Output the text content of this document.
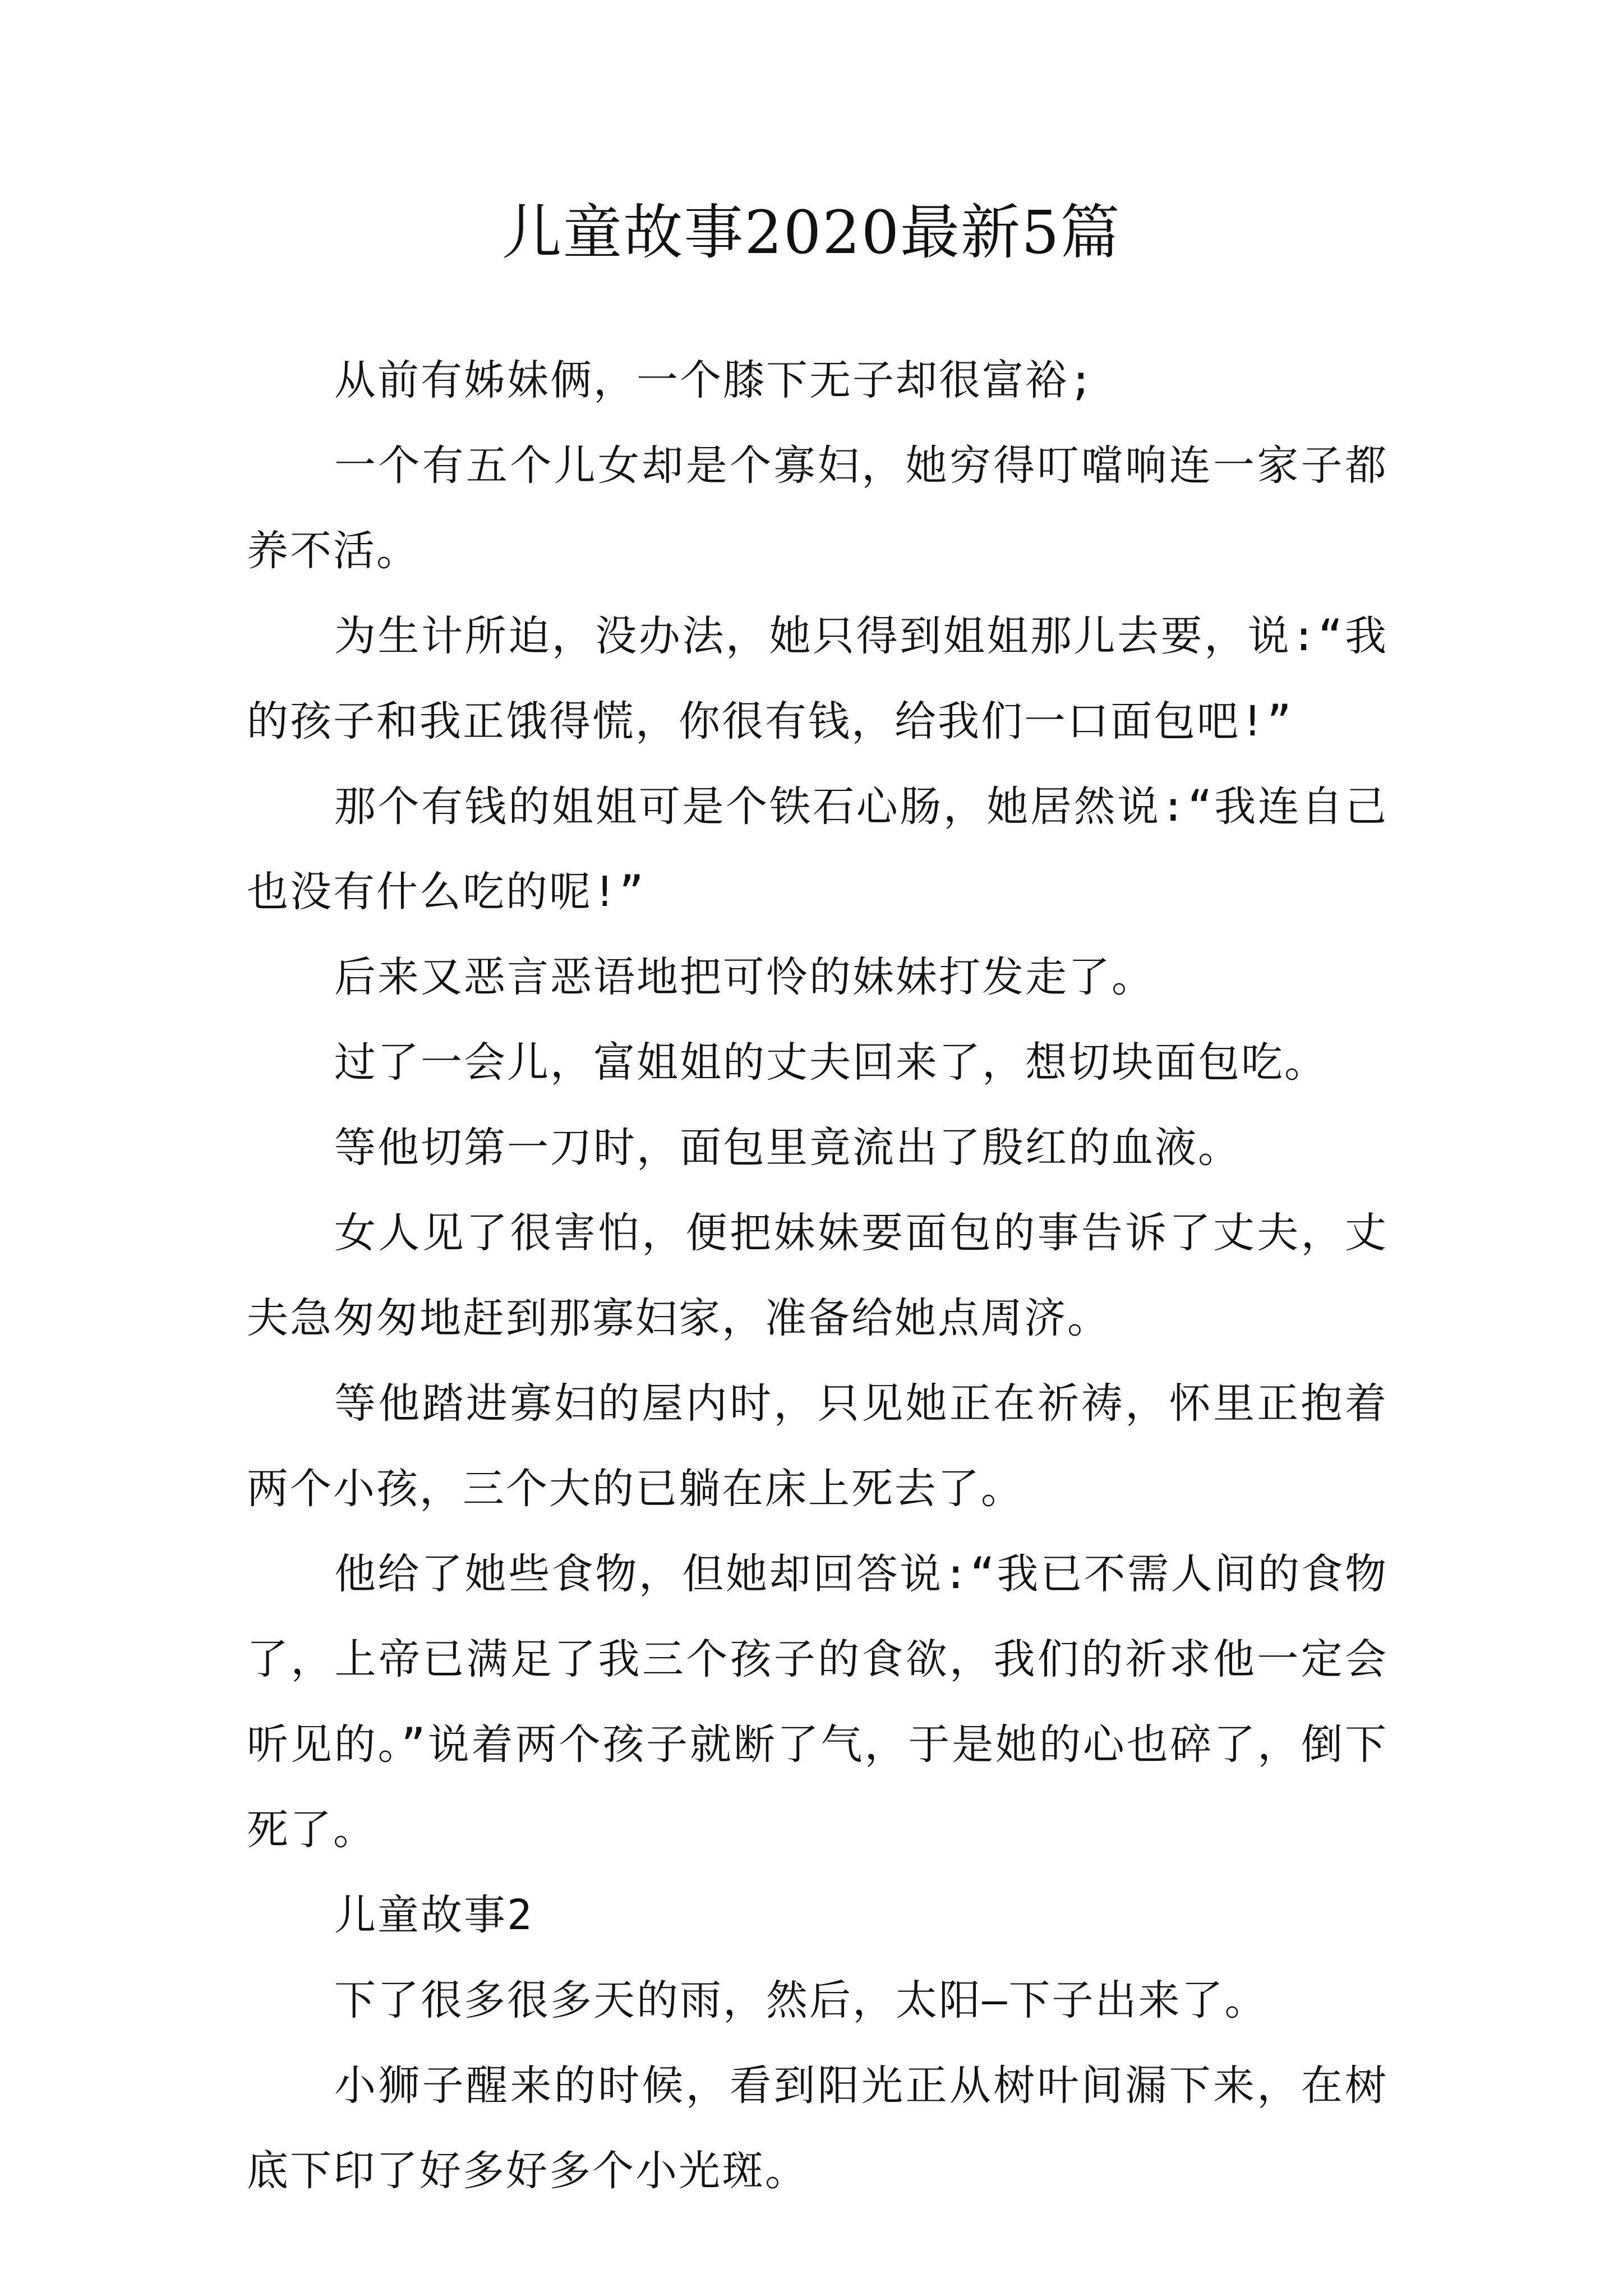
儿童故事2020最新5篇

从前有姊妹俩，一个膝下无子却很富裕;

一个有五个儿女却是个寡妇，她穷得叮噹响连一家子都养不活。

为生计所迫，没办法，她只得到姐姐那儿去要，说:“我的孩子和我正饿得慌，你很有钱，给我们一口面包吧!”

那个有钱的姐姐可是个铁石心肠，她居然说:“我连自己也没有什么吃的呢!”

后来又恶言恶语地把可怜的妹妹打发走了。

过了一会儿，富姐姐的丈夫回来了，想切块面包吃。

等他切第一刀时，面包里竟流出了殷红的血液。

女人见了很害怕，便把妹妹要面包的事告诉了丈夫，丈夫急匆匆地赶到那寡妇家，准备给她点周济。

等他踏进寡妇的屋内时，只见她正在祈祷，怀里正抱着两个小孩，三个大的已躺在床上死去了。

他给了她些食物，但她却回答说:“我已不需人间的食物了，上帝已满足了我三个孩子的食欲，我们的祈求他一定会听见的。”说着两个孩子就断了气，于是她的心也碎了，倒下死了。

儿童故事2

下了很多很多天的雨，然后，太阳—下子出来了。

小狮子醒来的时候，看到阳光正从树叶间漏下来，在树底下印了好多好多个小光斑。
